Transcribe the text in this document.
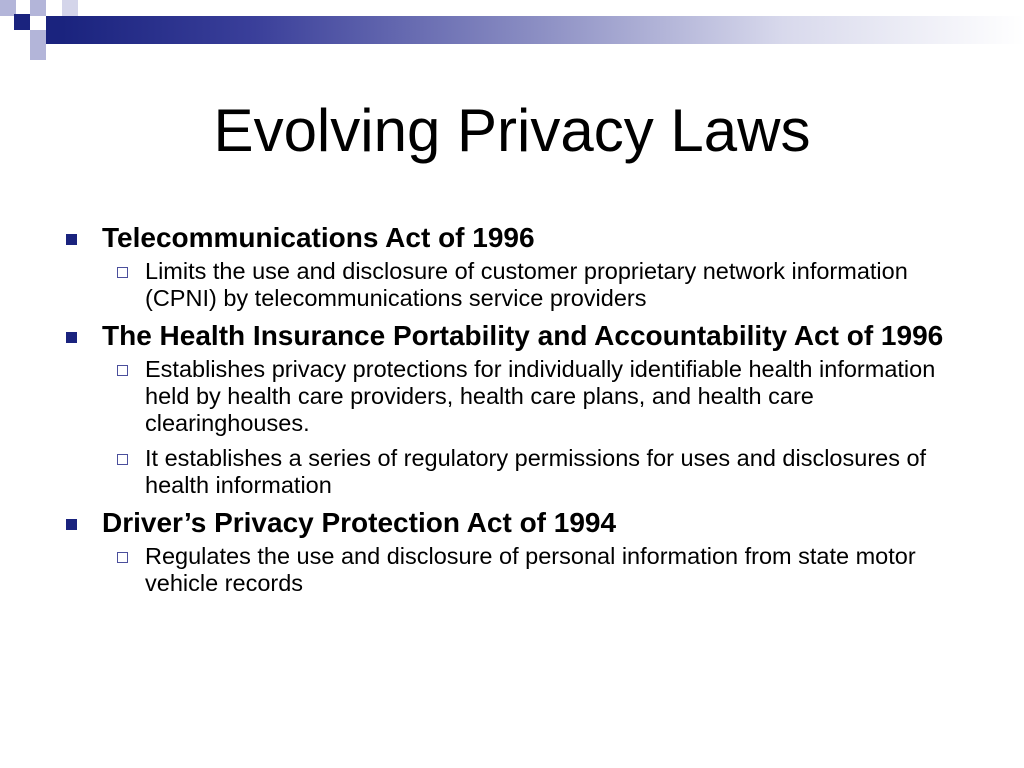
Evolving Privacy Laws
Telecommunications Act of 1996
Limits the use and disclosure of customer proprietary network information (CPNI) by telecommunications service providers
The Health Insurance Portability and Accountability Act of 1996
Establishes privacy protections for individually identifiable health information held by health care providers, health care plans, and health care clearinghouses.
It establishes a series of regulatory permissions for uses and disclosures of health information
Driver’s Privacy Protection Act of 1994
Regulates the use and disclosure of personal information from state motor vehicle records
